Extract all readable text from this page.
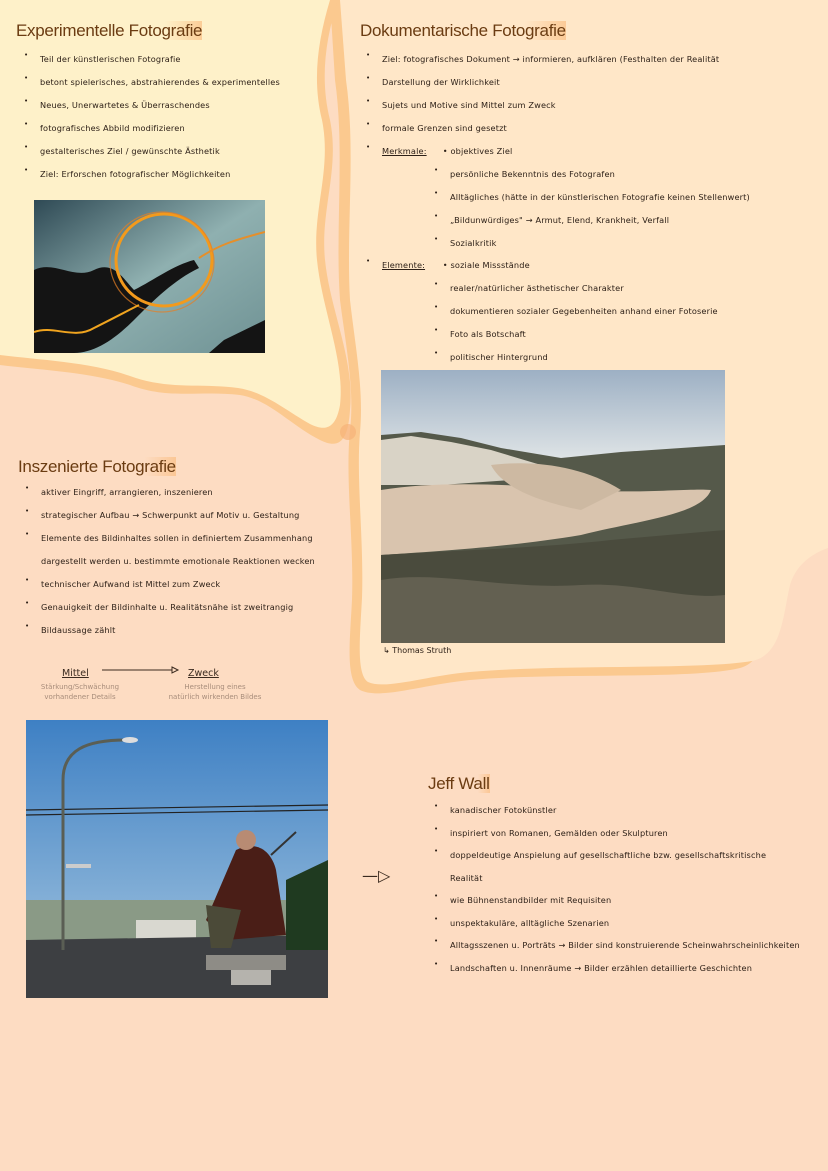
Experimentelle Fotografie
• Teil der künstlerischen Fotografie
• betont spielerisches, abstrahierendes & experimentelles
• Neues, Unerwartetes & Überraschendes
• fotografisches Abbild modifizieren
• gestalterisches Ziel / gewünschte Ästhetik
• Ziel: Erforschen fotografischer Möglichkeiten
Dokumentarische Fotografie
• Ziel: fotografisches Dokument → informieren, aufklären (Festhalten der Realität
• Darstellung der Wirklichkeit
• Sujets und Motive sind Mittel zum Zweck
• formale Grenzen sind gesetzt
• Merkmale: • objektives Ziel
• persönliche Bekenntnis des Fotografen
• Alltägliches (hätte in der künstlerischen Fotografie keinen Stellenwert)
• „Bildunwürdiges" → Armut, Elend, Krankheit, Verfall
• Sozialkritik
• Elemente: • soziale Missstände
• realer/natürlicher ästhetischer Charakter
• dokumentieren sozialer Gegebenheiten anhand einer Fotoserie
• Foto als Botschaft
• politischer Hintergrund
↳ Thomas Struth
Inszenierte Fotografie
• aktiver Eingriff, arrangieren, inszenieren
• strategischer Aufbau → Schwerpunkt auf Motiv u. Gestaltung
• Elemente des Bildinhaltes sollen in definiertem Zusammenhang
dargestellt werden u. bestimmte emotionale Reaktionen wecken
• technischer Aufwand ist Mittel zum Zweck
• Genauigkeit der Bildinhalte u. Realitätsnähe ist zweitrangig
• Bildaussage zählt
Mittel	Zweck
Stärkung/Schwächung
vorhandener Details
Herstellung eines
natürlich wirkenden Bildes
—▷
Jeff Wall
• kanadischer Fotokünstler
• inspiriert von Romanen, Gemälden oder Skulpturen
• doppeldeutige Anspielung auf gesellschaftliche bzw. gesellschaftskritische
Realität
• wie Bühnenstandbilder mit Requisiten
• unspektakuläre, alltägliche Szenarien
• Alltagsszenen u. Porträts → Bilder sind konstruierende Scheinwahrscheinlichkeiten
• Landschaften u. Innenräume → Bilder erzählen detaillierte Geschichten
